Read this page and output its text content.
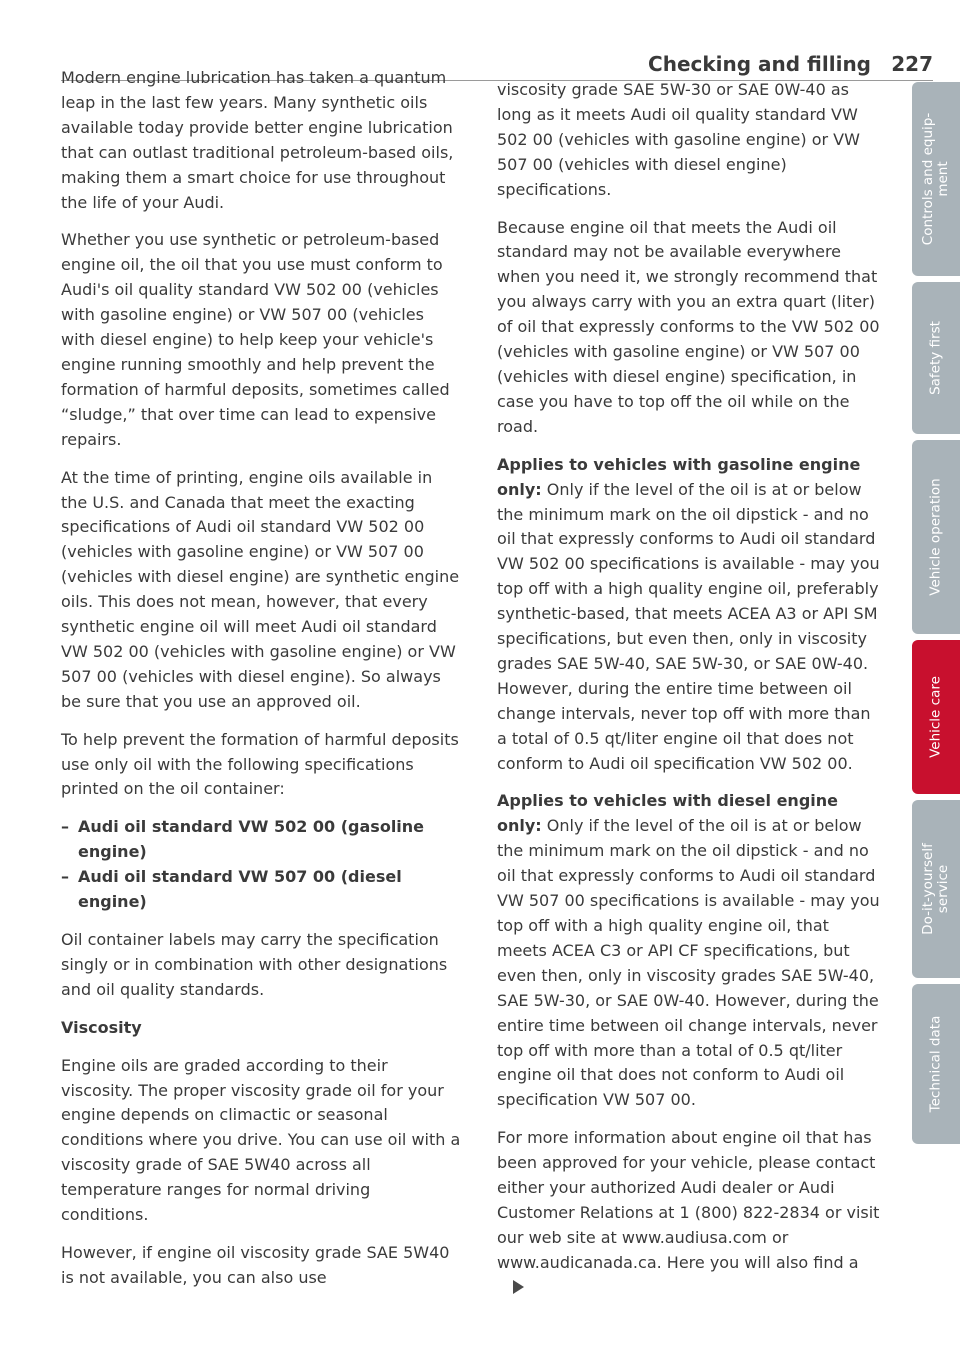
Checking and filling 227

Modern engine lubrication has taken a quantum leap in the last few years. Many synthetic oils available today provide better engine lubrication that can outlast traditional petroleum-based oils, making them a smart choice for use throughout the life of your Audi.

Whether you use synthetic or petroleum-based engine oil, the oil that you use must conform to Audi's oil quality standard VW 502 00 (vehicles with gasoline engine) or VW 507 00 (vehicles with diesel engine) to help keep your vehicle's engine running smoothly and help prevent the formation of harmful deposits, sometimes called “sludge,” that over time can lead to expensive repairs.

At the time of printing, engine oils available in the U.S. and Canada that meet the exacting specifications of Audi oil standard VW 502 00 (vehicles with gasoline engine) or VW 507 00 (vehicles with diesel engine) are synthetic engine oils. This does not mean, however, that every synthetic engine oil will meet Audi oil standard VW 502 00 (vehicles with gasoline engine) or VW 507 00 (vehicles with diesel engine). So always be sure that you use an approved oil.

To help prevent the formation of harmful deposits use only oil with the following specifications printed on the oil container:

– Audi oil standard VW 502 00 (gasoline engine)
– Audi oil standard VW 507 00 (diesel engine)

Oil container labels may carry the specification singly or in combination with other designations and oil quality standards.

Viscosity

Engine oils are graded according to their viscosity. The proper viscosity grade oil for your engine depends on climactic or seasonal conditions where you drive. You can use oil with a viscosity grade of SAE 5W40 across all temperature ranges for normal driving conditions.

However, if engine oil viscosity grade SAE 5W40 is not available, you can also use

viscosity grade SAE 5W-30 or SAE 0W-40 as long as it meets Audi oil quality standard VW 502 00 (vehicles with gasoline engine) or VW 507 00 (vehicles with diesel engine) specifications.

Because engine oil that meets the Audi oil standard may not be available everywhere when you need it, we strongly recommend that you always carry with you an extra quart (liter) of oil that expressly conforms to the VW 502 00 (vehicles with gasoline engine) or VW 507 00 (vehicles with diesel engine) specification, in case you have to top off the oil while on the road.

Applies to vehicles with gasoline engine only: Only if the level of the oil is at or below the minimum mark on the oil dipstick - and no oil that expressly conforms to Audi oil standard VW 502 00 specifications is available - may you top off with a high quality engine oil, preferably synthetic-based, that meets ACEA A3 or API SM specifications, but even then, only in viscosity grades SAE 5W-40, SAE 5W-30, or SAE 0W-40. However, during the entire time between oil change intervals, never top off with more than a total of 0.5 qt/liter engine oil that does not conform to Audi oil specification VW 502 00.

Applies to vehicles with diesel engine only: Only if the level of the oil is at or below the minimum mark on the oil dipstick - and no oil that expressly conforms to Audi oil standard VW 507 00 specifications is available - may you top off with a high quality engine oil, that meets ACEA C3 or API CF specifications, but even then, only in viscosity grades SAE 5W-40, SAE 5W-30, or SAE 0W-40. However, during the entire time between oil change intervals, never top off with more than a total of 0.5 qt/liter engine oil that does not conform to Audi oil specification VW 507 00.

For more information about engine oil that has been approved for your vehicle, please contact either your authorized Audi dealer or Audi Customer Relations at 1 (800) 822-2834 or visit our web site at www.audiusa.com or www.audicanada.ca. Here you will also find a

Controls and equip-
ment
Safety first
Vehicle operation
Vehicle care
Do-it-yourself
service
Technical data
